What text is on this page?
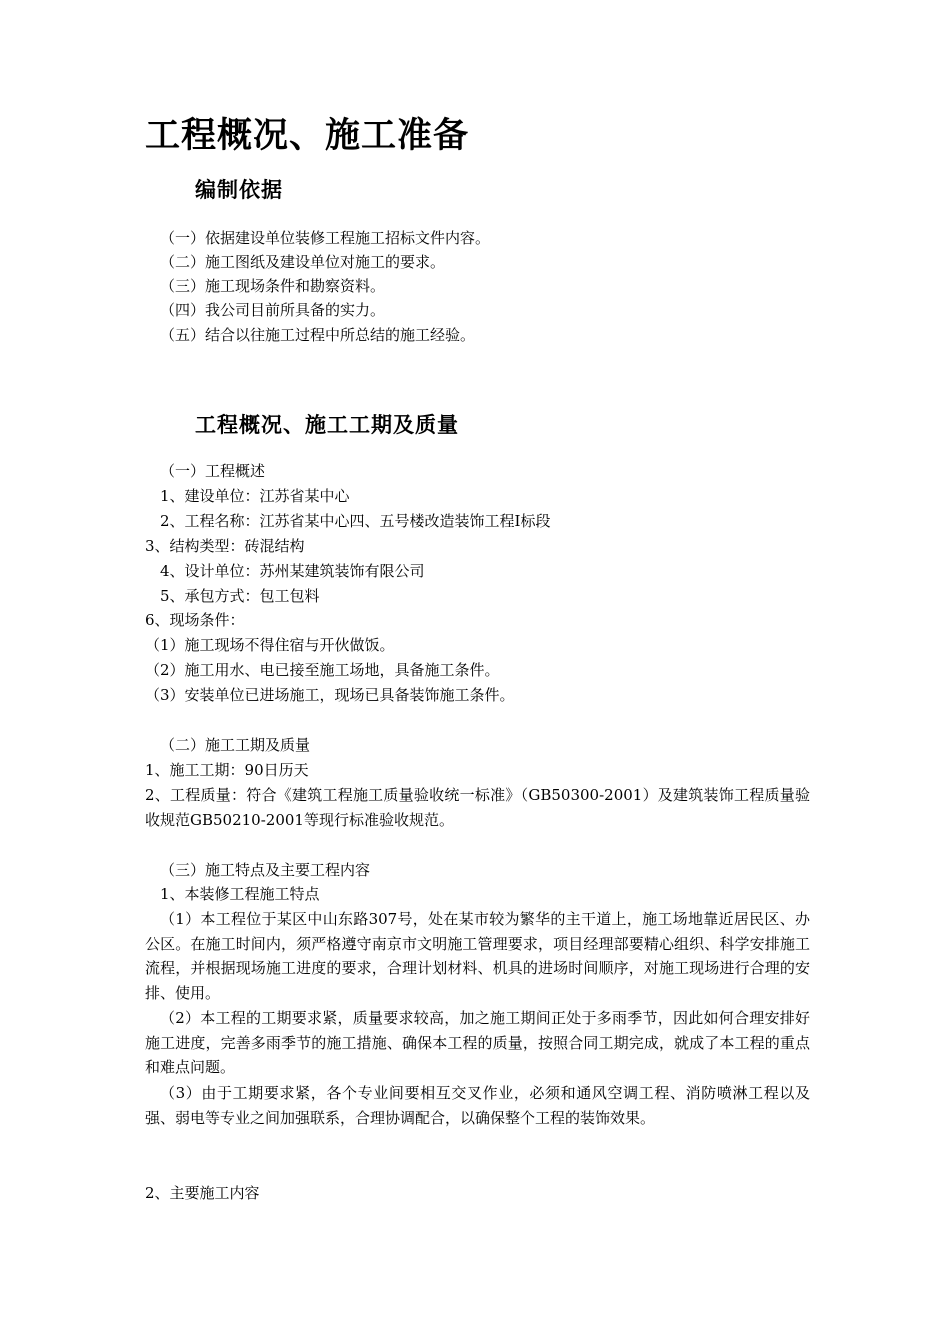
工程概况、施工准备
编制依据
（一）依据建设单位装修工程施工招标文件内容。
（二）施工图纸及建设单位对施工的要求。
（三）施工现场条件和勘察资料。
（四）我公司目前所具备的实力。
（五）结合以往施工过程中所总结的施工经验。
工程概况、施工工期及质量
（一）工程概述
1、建设单位：江苏省某中心
2、工程名称：江苏省某中心四、五号楼改造装饰工程Ⅰ标段
3、结构类型：砖混结构
4、设计单位：苏州某建筑装饰有限公司
5、承包方式：包工包料
6、现场条件：
（1）施工现场不得住宿与开伙做饭。
（2）施工用水、电已接至施工场地，具备施工条件。
（3）安装单位已进场施工，现场已具备装饰施工条件。
（二）施工工期及质量
1、施工工期：90日历天
2、工程质量：符合《建筑工程施工质量验收统一标准》（GB50300-2001）及建筑装饰工程质量验收规范GB50210-2001等现行标准验收规范。
（三）施工特点及主要工程内容
1、本装修工程施工特点
（1）本工程位于某区中山东路307号，处在某市较为繁华的主干道上，施工场地靠近居民区、办公区。在施工时间内，须严格遵守南京市文明施工管理要求，项目经理部要精心组织、科学安排施工流程，并根据现场施工进度的要求，合理计划材料、机具的进场时间顺序，对施工现场进行合理的安排、使用。
（2）本工程的工期要求紧，质量要求较高，加之施工期间正处于多雨季节，因此如何合理安排好施工进度，完善多雨季节的施工措施、确保本工程的质量，按照合同工期完成，就成了本工程的重点和难点问题。
（3）由于工期要求紧，各个专业间要相互交叉作业，必须和通风空调工程、消防喷淋工程以及强、弱电等专业之间加强联系，合理协调配合，以确保整个工程的装饰效果。
2、主要施工内容
